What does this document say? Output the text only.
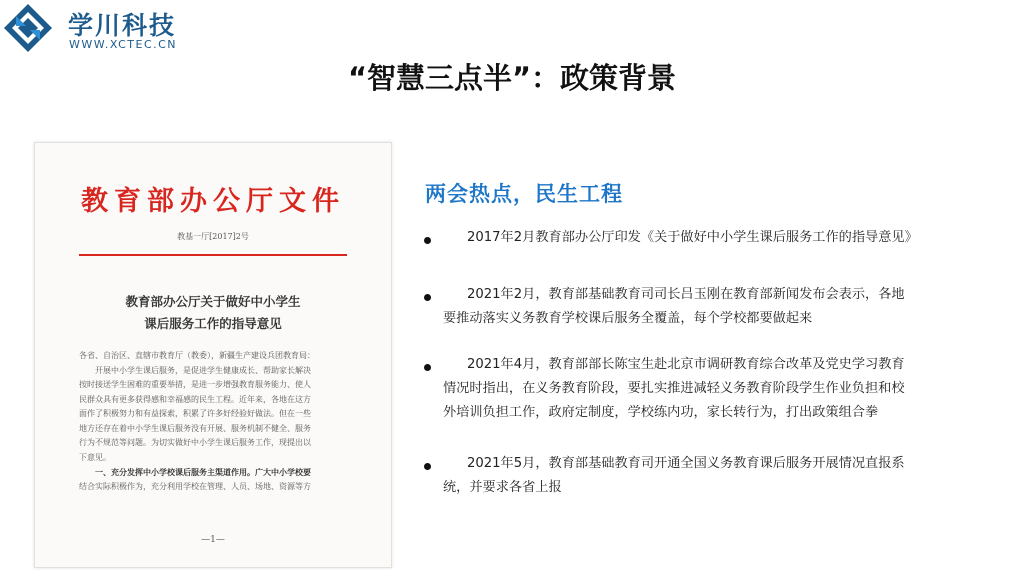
学川科技
WWW.XCTEC.CN
“智慧三点半”：政策背景
教育部办公厅文件
教基一厅[2017]2号
教育部办公厅关于做好中小学生
课后服务工作的指导意见

各省、自治区、直辖市教育厅（教委），新疆生产建设兵团教育局：

开展中小学生课后服务，是促进学生健康成长、帮助家长解决

按时接送学生困难的重要举措，是进一步增强教育服务能力、使人

民群众具有更多获得感和幸福感的民生工程。近年来，各地在这方

面作了积极努力和有益探索，积累了许多好经验好做法。但在一些

地方还存在着中小学生课后服务没有开展、服务机制不健全、服务

行为不规范等问题。为切实做好中小学生课后服务工作，现提出以

下意见。

一、充分发挥中小学校课后服务主渠道作用。广大中小学校要

结合实际积极作为，充分利用学校在管理、人员、场地、资源等方

—1—
两会热点，民生工程
2017年2月教育部办公厅印发《关于做好中小学生课后服务工作的指导意见》
2021年2月，教育部基础教育司司长吕玉刚在教育部新闻发布会表示，各地
要推动落实义务教育学校课后服务全覆盖，每个学校都要做起来
2021年4月，教育部部长陈宝生赴北京市调研教育综合改革及党史学习教育
情况时指出，在义务教育阶段，要扎实推进减轻义务教育阶段学生作业负担和校
外培训负担工作，政府定制度，学校练内功，家长转行为，打出政策组合拳
2021年5月，教育部基础教育司开通全国义务教育课后服务开展情况直报系
统，并要求各省上报
